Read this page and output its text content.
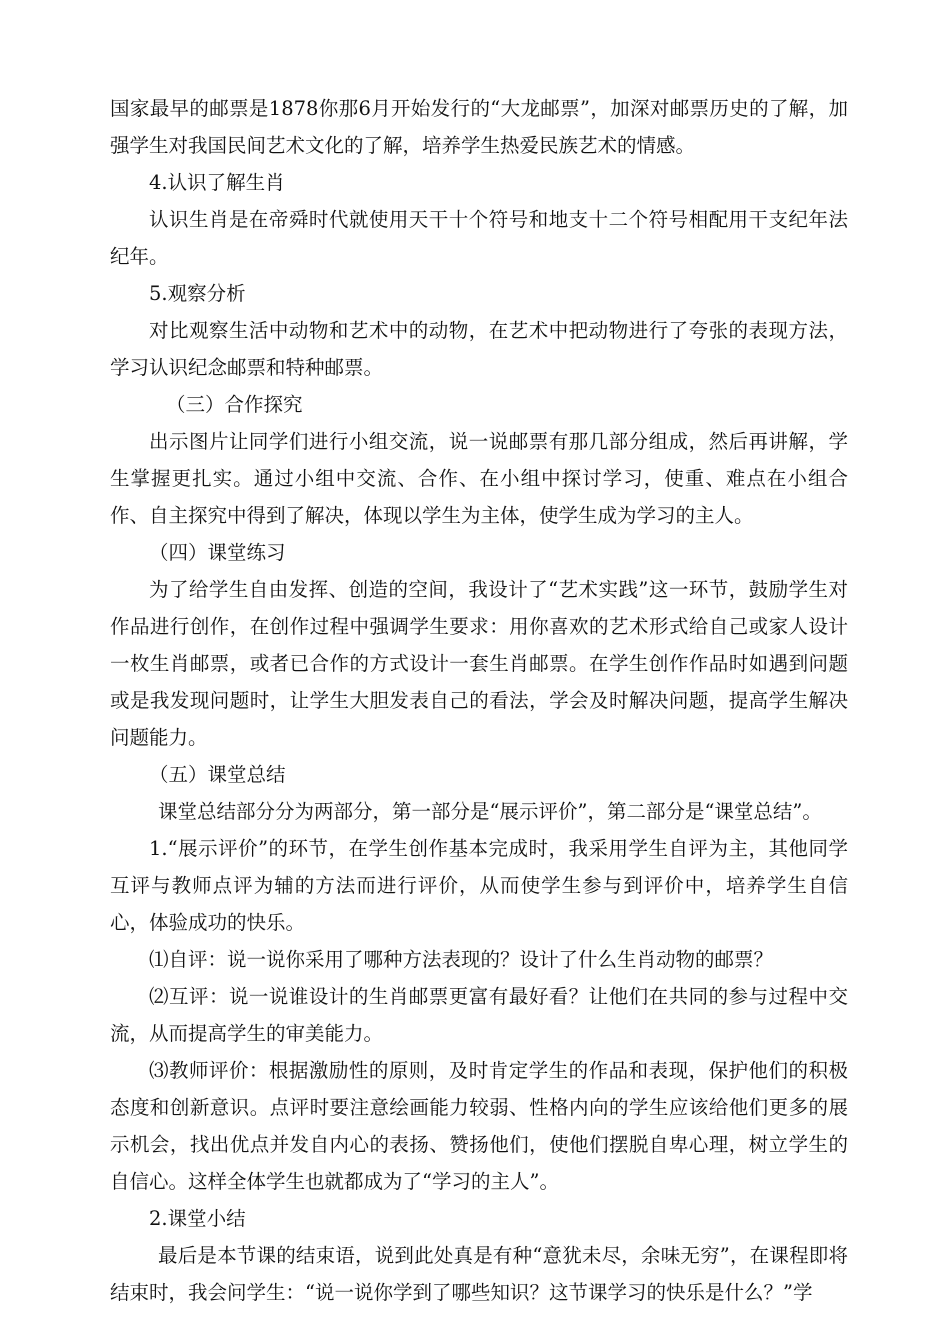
国家最早的邮票是1878你那6月开始发行的“大龙邮票”，加深对邮票历史的了解，加强学生对我国民间艺术文化的了解，培养学生热爱民族艺术的情感。

4.认识了解生肖

认识生肖是在帝舜时代就使用天干十个符号和地支十二个符号相配用干支纪年法纪年。

5.观察分析

对比观察生活中动物和艺术中的动物，在艺术中把动物进行了夸张的表现方法，学习认识纪念邮票和特种邮票。

（三）合作探究

出示图片让同学们进行小组交流，说一说邮票有那几部分组成，然后再讲解，学生掌握更扎实。通过小组中交流、合作、在小组中探讨学习，使重、难点在小组合作、自主探究中得到了解决，体现以学生为主体，使学生成为学习的主人。

（四）课堂练习

为了给学生自由发挥、创造的空间，我设计了“艺术实践”这一环节，鼓励学生对作品进行创作，在创作过程中强调学生要求：用你喜欢的艺术形式给自己或家人设计一枚生肖邮票，或者已合作的方式设计一套生肖邮票。在学生创作作品时如遇到问题或是我发现问题时，让学生大胆发表自己的看法，学会及时解决问题，提高学生解决问题能力。

（五）课堂总结

课堂总结部分分为两部分，第一部分是“展示评价”，第二部分是“课堂总结”。

1.“展示评价”的环节，在学生创作基本完成时，我采用学生自评为主，其他同学互评与教师点评为辅的方法而进行评价，从而使学生参与到评价中，培养学生自信心，体验成功的快乐。

⑴自评：说一说你采用了哪种方法表现的？设计了什么生肖动物的邮票？

⑵互评：说一说谁设计的生肖邮票更富有最好看？让他们在共同的参与过程中交流，从而提高学生的审美能力。

⑶教师评价：根据激励性的原则，及时肯定学生的作品和表现，保护他们的积极态度和创新意识。点评时要注意绘画能力较弱、性格内向的学生应该给他们更多的展示机会，找出优点并发自内心的表扬、赞扬他们，使他们摆脱自卑心理，树立学生的自信心。这样全体学生也就都成为了“学习的主人”。

2.课堂小结

最后是本节课的结束语，说到此处真是有种“意犹未尽，余味无穷”，在课程即将结束时，我会问学生：“说一说你学到了哪些知识？这节课学习的快乐是什么？”学
